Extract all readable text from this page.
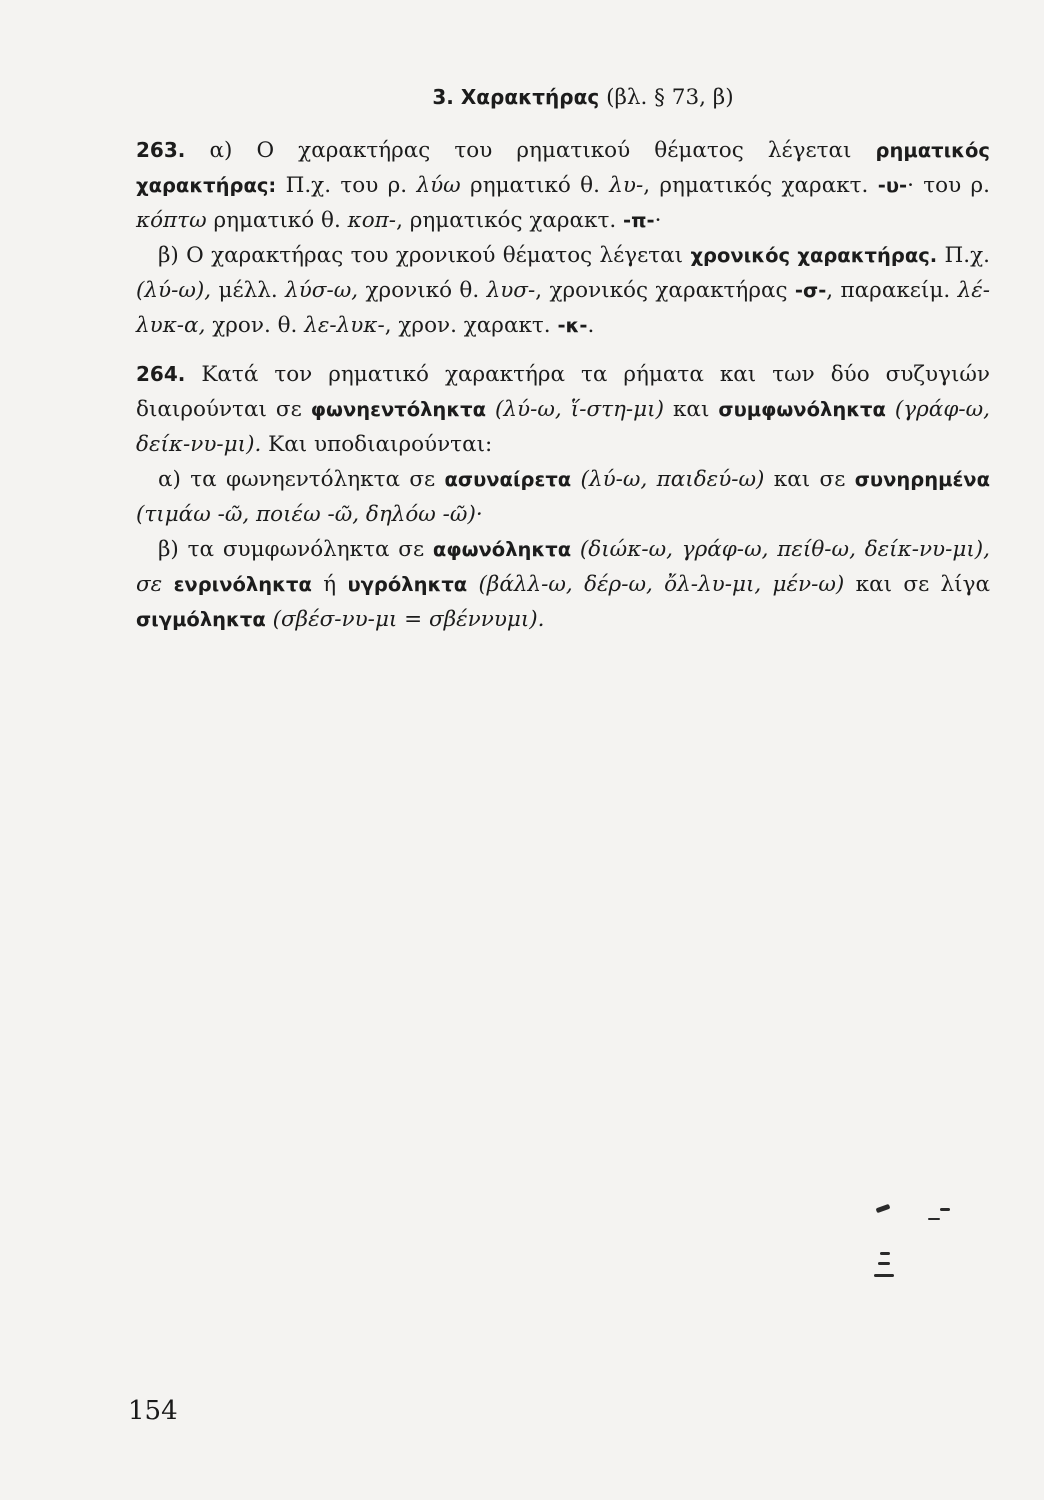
3. Χαρακτήρας (βλ. § 73, β)

263. α) Ο χαρακτήρας του ρηματικού θέματος λέγεται ρηματικός χαρακτήρας: Π.χ. του ρ. λύω ρηματικό θ. λυ-, ρηματικός χαρακτ. -υ-· του ρ. κόπτω ρηματικό θ. κοπ-, ρηματικός χαρακτ. -π-·

β) Ο χαρακτήρας του χρονικού θέματος λέγεται χρονικός χαρακτήρας. Π.χ. (λύ-ω), μέλλ. λύσ-ω, χρονικό θ. λυσ-, χρονικός χαρακτήρας -σ-, παρακείμ. λέ-λυκ-α, χρον. θ. λε-λυκ-, χρον. χαρακτ. -κ-.

264. Κατά τον ρηματικό χαρακτήρα τα ρήματα και των δύο συζυγιών διαιρούνται σε φωνηεντόληκτα (λύ-ω, ἵ-στη-μι) και συμφωνόληκτα (γράφ-ω, δείκ-νυ-μι). Και υποδιαιρούνται:

α) τα φωνηεντόληκτα σε ασυναίρετα (λύ-ω, παιδεύ-ω) και σε συνηρημένα (τιμάω -ῶ, ποιέω -ῶ, δηλόω -ῶ)·

β) τα συμφωνόληκτα σε αφωνόληκτα (διώκ-ω, γράφ-ω, πείθ-ω, δείκ-νυ-μι), σε ενρινόληκτα ή υγρόληκτα (βάλλ-ω, δέρ-ω, ὄλ-λυ-μι, μέν-ω) και σε λίγα σιγμόληκτα (σβέσ-νυ-μι = σβέννυμι).

154
